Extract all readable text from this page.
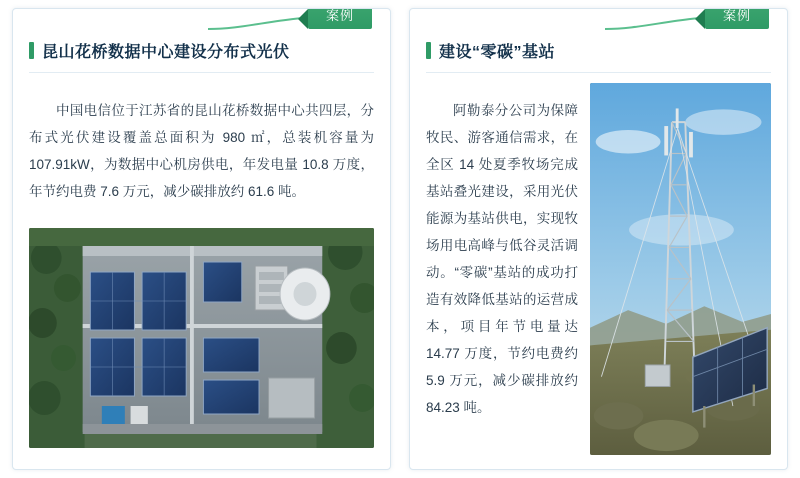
案例
昆山花桥数据中心建设分布式光伏

中国电信位于江苏省的昆山花桥数据中心共四层，分布式光伏建设覆盖总面积为 980 ㎡，总装机容量为 107.91kW，为数据中心机房供电，年发电量 10.8 万度，年节约电费 7.6 万元，减少碳排放约 61.6 吨。

案例
建设“零碳”基站

阿勒泰分公司为保障牧民、游客通信需求，在全区 14 处夏季牧场完成基站叠光建设，采用光伏能源为基站供电，实现牧场用电高峰与低谷灵活调动。“零碳”基站的成功打造有效降低基站的运营成本，项目年节电量达 14.77 万度，节约电费约 5.9 万元，减少碳排放约 84.23 吨。
